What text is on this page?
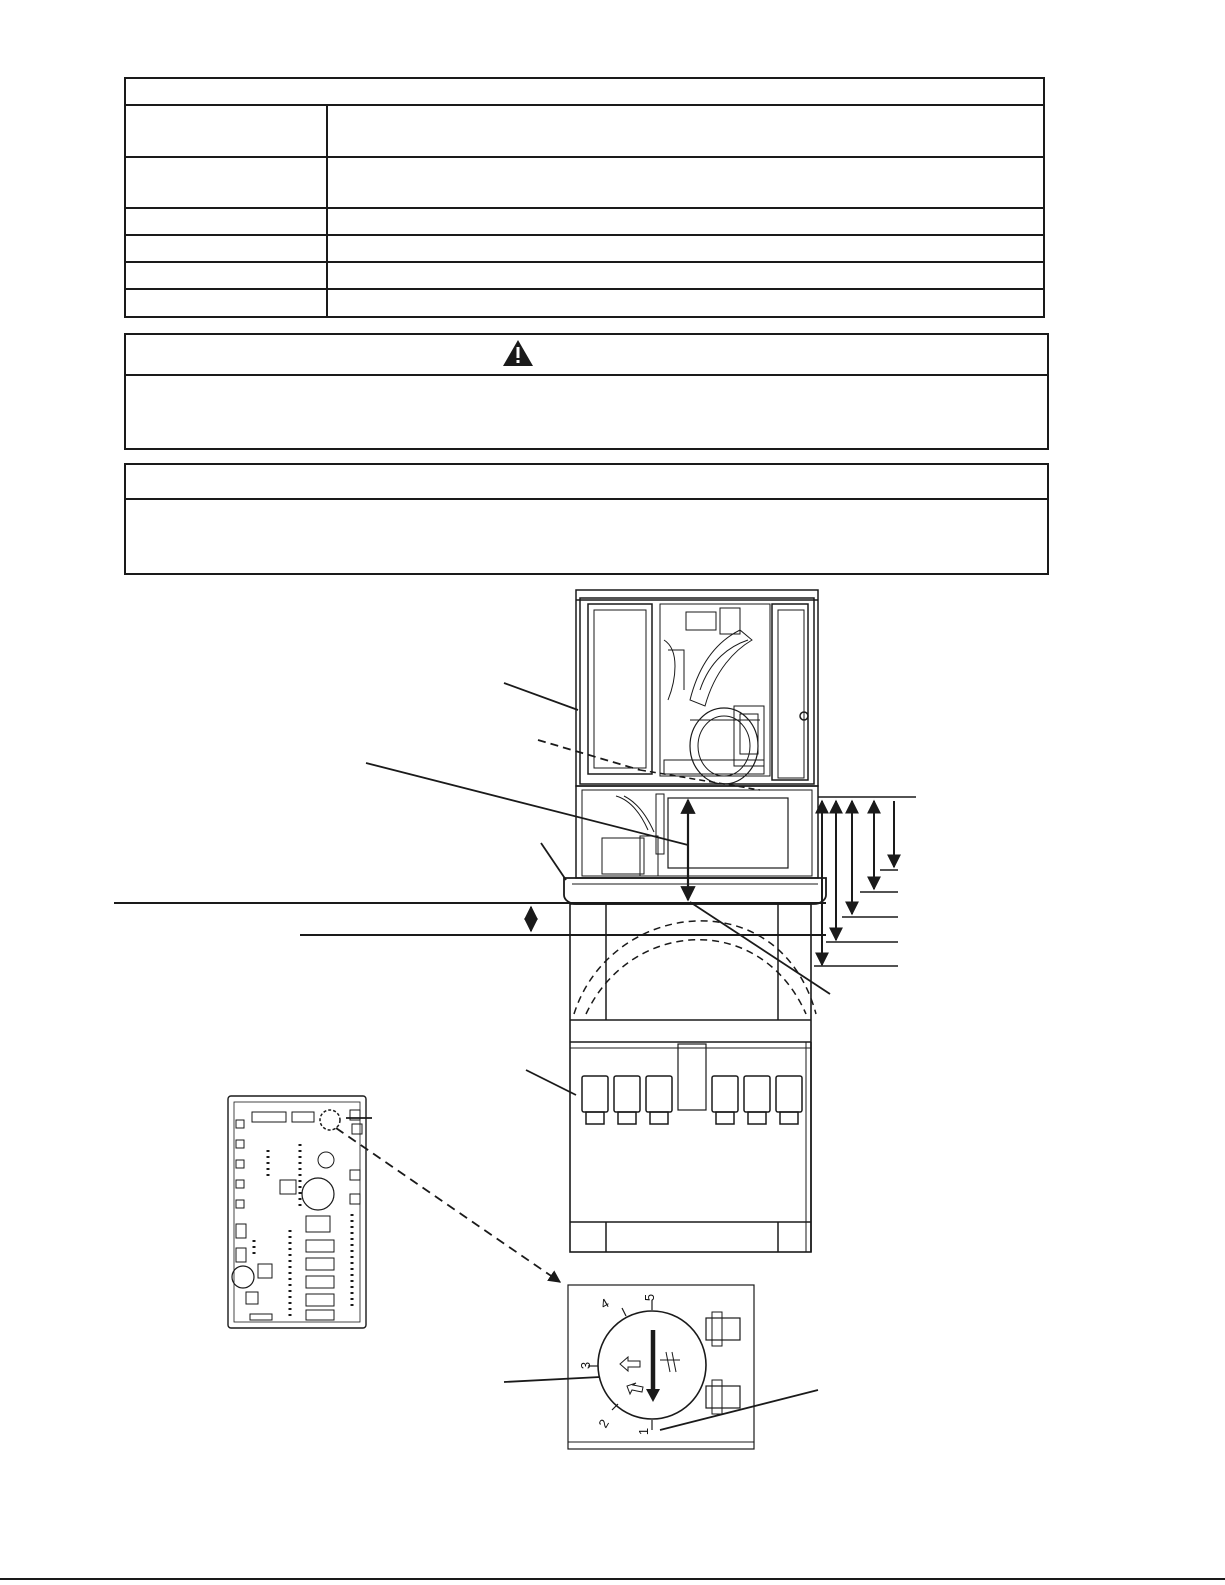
1
2
3
4 5
